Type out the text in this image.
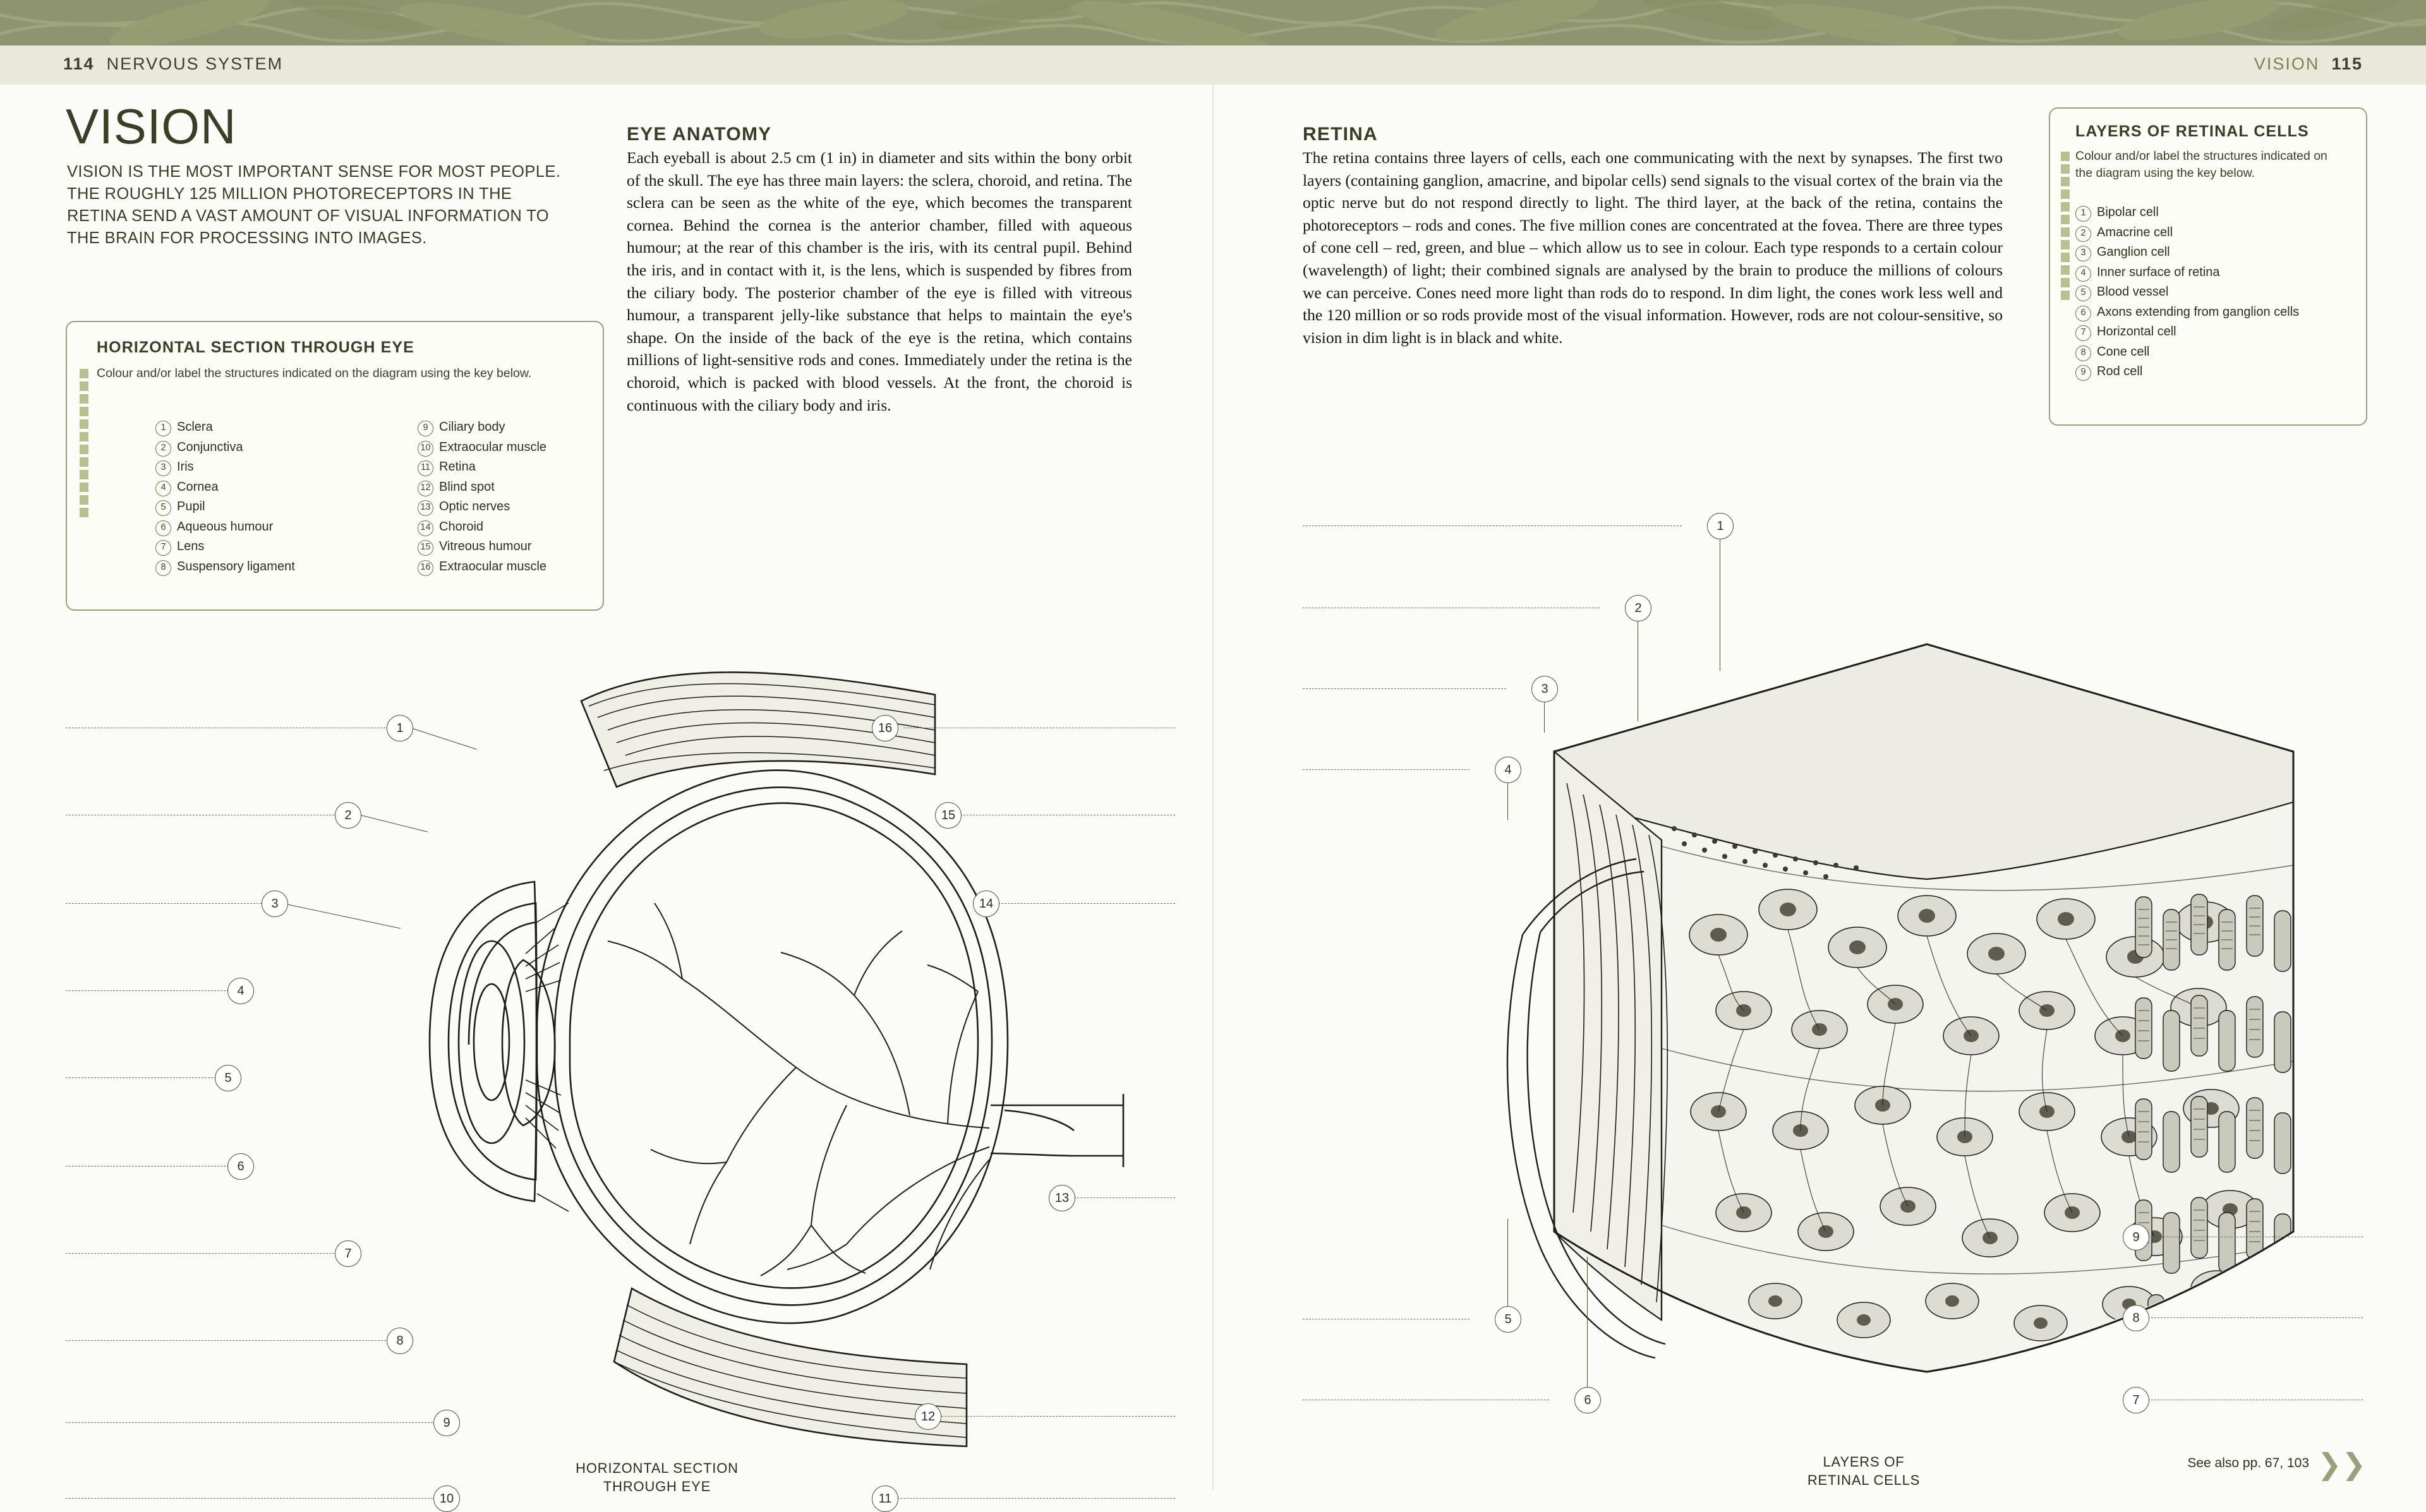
114 NERVOUS SYSTEM	VISION 115
VISION
VISION IS THE MOST IMPORTANT SENSE FOR MOST PEOPLE. THE ROUGHLY 125 MILLION PHOTORECEPTORS IN THE RETINA SEND A VAST AMOUNT OF VISUAL INFORMATION TO THE BRAIN FOR PROCESSING INTO IMAGES.
HORIZONTAL SECTION THROUGH EYE
Colour and/or label the structures indicated on the diagram using the key below.
1 Sclera
2 Conjunctiva
3 Iris
4 Cornea
5 Pupil
6 Aqueous humour
7 Lens
8 Suspensory ligament
9 Ciliary body
10 Extraocular muscle
11 Retina
12 Blind spot
13 Optic nerves
14 Choroid
15 Vitreous humour
16 Extraocular muscle
EYE ANATOMY
Each eyeball is about 2.5 cm (1 in) in diameter and sits within the bony orbit of the skull. The eye has three main layers: the sclera, choroid, and retina. The sclera can be seen as the white of the eye, which becomes the transparent cornea. Behind the cornea is the anterior chamber, filled with aqueous humour; at the rear of this chamber is the iris, with its central pupil. Behind the iris, and in contact with it, is the lens, which is suspended by fibres from the ciliary body. The posterior chamber of the eye is filled with vitreous humour, a transparent jelly-like substance that helps to maintain the eye's shape. On the inside of the back of the eye is the retina, which contains millions of light-sensitive rods and cones. Immediately under the retina is the choroid, which is packed with blood vessels. At the front, the choroid is continuous with the ciliary body and iris.
RETINA
The retina contains three layers of cells, each one communicating with the next by synapses. The first two layers (containing ganglion, amacrine, and bipolar cells) send signals to the visual cortex of the brain via the optic nerve but do not respond directly to light. The third layer, at the back of the retina, contains the photoreceptors – rods and cones. The five million cones are concentrated at the fovea. There are three types of cone cell – red, green, and blue – which allow us to see in colour. Each type responds to a certain colour (wavelength) of light; their combined signals are analysed by the brain to produce the millions of colours we can perceive. Cones need more light than rods do to respond. In dim light, the cones work less well and the 120 million or so rods provide most of the visual information. However, rods are not colour-sensitive, so vision in dim light is in black and white.
LAYERS OF RETINAL CELLS
Colour and/or label the structures indicated on the diagram using the key below.
1 Bipolar cell
2 Amacrine cell
3 Ganglion cell
4 Inner surface of retina
5 Blood vessel
6 Axons extending from ganglion cells
7 Horizontal cell
8 Cone cell
9 Rod cell
1
2
3
4
5
6
7
8
9
10	11
12
13
14
15
16
HORIZONTAL SECTION
THROUGH EYE
1
2
3
4
5
6
9
8
7
LAYERS OF
RETINAL CELLS
See also pp. 67, 103 ❯❯
